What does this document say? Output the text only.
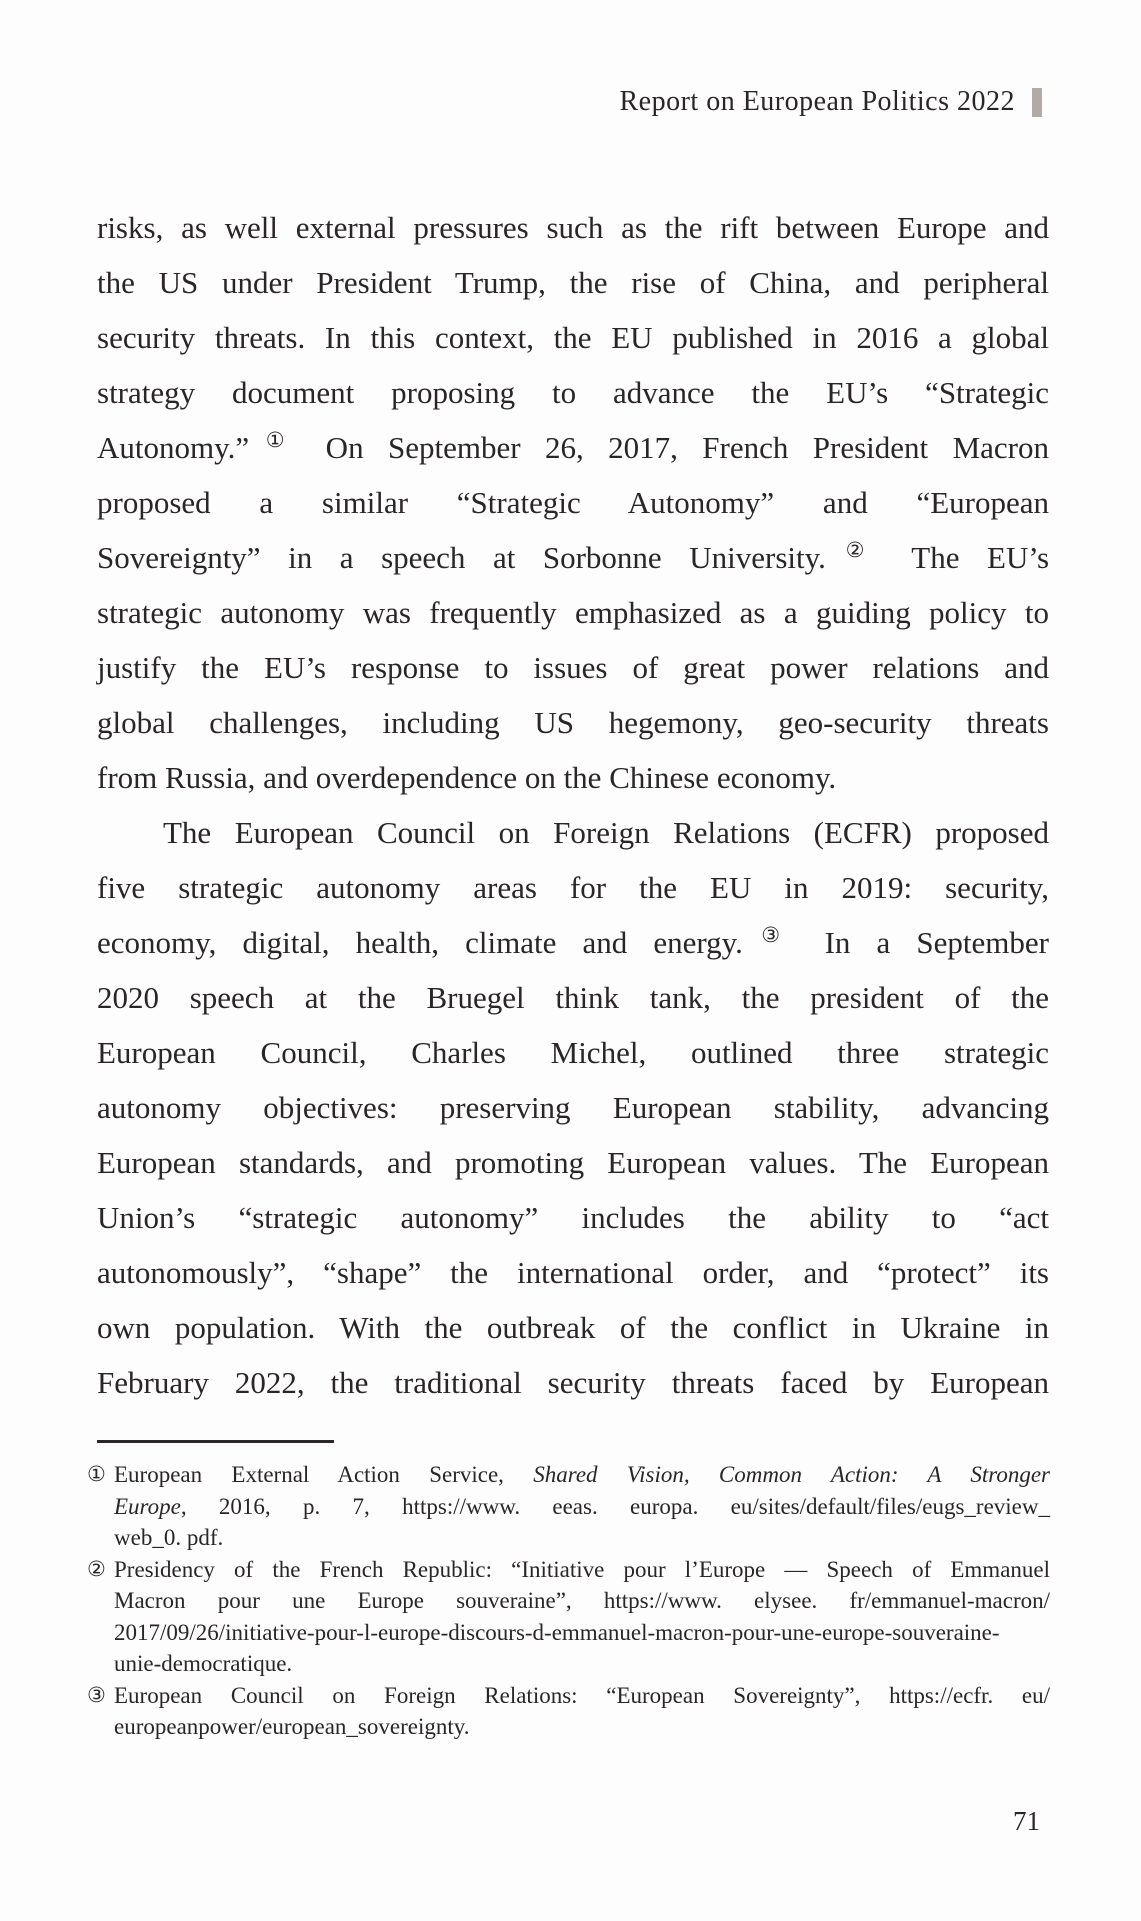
Report on European Politics 2022
risks, as well external pressures such as the rift between Europe and
the US under President Trump, the rise of China, and peripheral
security threats. In this context, the EU published in 2016 a global
strategy document proposing to advance the EU’s “Strategic
Autonomy.”① On September 26, 2017, French President Macron
proposed a similar “Strategic Autonomy” and “European
Sovereignty” in a speech at Sorbonne University.② The EU’s
strategic autonomy was frequently emphasized as a guiding policy to
justify the EU’s response to issues of great power relations and
global challenges, including US hegemony, geo-security threats
from Russia, and overdependence on the Chinese economy.
The European Council on Foreign Relations (ECFR) proposed
five strategic autonomy areas for the EU in 2019: security,
economy, digital, health, climate and energy.③ In a September
2020 speech at the Bruegel think tank, the president of the
European Council, Charles Michel, outlined three strategic
autonomy objectives: preserving European stability, advancing
European standards, and promoting European values. The European
Union’s “strategic autonomy” includes the ability to “act
autonomously”, “shape” the international order, and “protect” its
own population. With the outbreak of the conflict in Ukraine in
February 2022, the traditional security threats faced by European
① European External Action Service, Shared Vision, Common Action: A Stronger
Europe, 2016, p. 7, https://www. eeas. europa. eu/sites/default/files/eugs_review_
web_0. pdf.
② Presidency of the French Republic: “Initiative pour l’Europe — Speech of Emmanuel
Macron pour une Europe souveraine”, https://www. elysee. fr/emmanuel-macron/
2017/09/26/initiative-pour-l-europe-discours-d-emmanuel-macron-pour-une-europe-souveraine-
unie-democratique.
③ European Council on Foreign Relations: “European Sovereignty”, https://ecfr. eu/
europeanpower/european_sovereignty.
71
